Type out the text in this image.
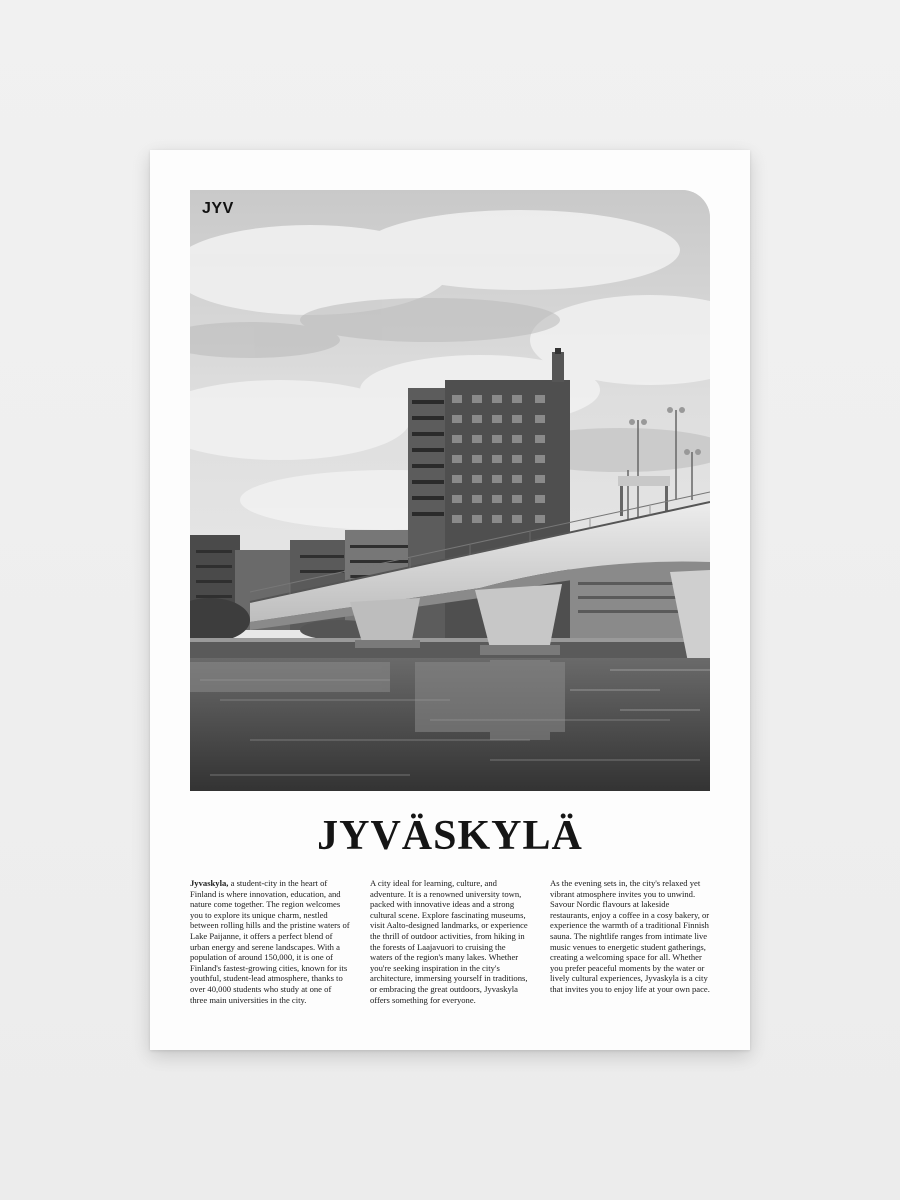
JYV
JYVÄSKYLÄ
Jyvaskyla, a student-city in the heart of Finland is where innovation, education, and nature come together. The region welcomes you to explore its unique charm, nestled between rolling hills and the pristine waters of Lake Paijanne, it offers a perfect blend of urban energy and serene landscapes. With a population of around 150,000, it is one of Finland's fastest-growing cities, known for its youthful, student-lead atmosphere, thanks to over 40,000 students who study at one of three main universities in the city.
A city ideal for learning, culture, and adventure. It is a renowned university town, packed with innovative ideas and a strong cultural scene. Explore fascinating museums, visit Aalto-designed landmarks, or experience the thrill of outdoor activities, from hiking in the forests of Laajavuori to cruising the waters of the region's many lakes. Whether you're seeking inspiration in the city's architecture, immersing yourself in traditions, or embracing the great outdoors, Jyvaskyla offers something for everyone.
As the evening sets in, the city's relaxed yet vibrant atmosphere invites you to unwind. Savour Nordic flavours at lakeside restaurants, enjoy a coffee in a cosy bakery, or experience the warmth of a traditional Finnish sauna. The nightlife ranges from intimate live music venues to energetic student gatherings, creating a welcoming space for all. Whether you prefer peaceful moments by the water or lively cultural experiences, Jyvaskyla is a city that invites you to enjoy life at your own pace.
